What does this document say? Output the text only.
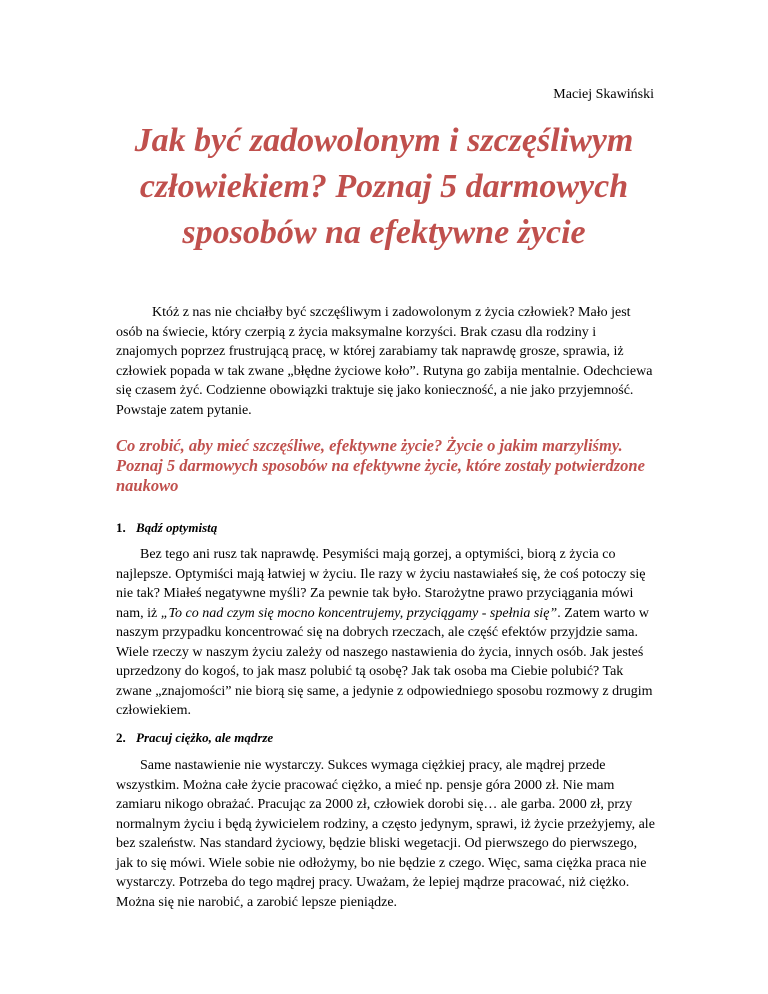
Maciej Skawiński
Jak być zadowolonym i szczęśliwym człowiekiem? Poznaj 5 darmowych sposobów na efektywne życie

Któż z nas nie chciałby być szczęśliwym i zadowolonym z życia człowiek? Mało jest osób na świecie, który czerpią z życia maksymalne korzyści. Brak czasu dla rodziny i znajomych poprzez frustrującą pracę, w której zarabiamy tak naprawdę grosze, sprawia, iż człowiek popada w tak zwane „błędne życiowe koło”. Rutyna go zabija mentalnie. Odechciewa się czasem żyć. Codzienne obowiązki traktuje się jako konieczność, a nie jako przyjemność. Powstaje zatem pytanie.

Co zrobić, aby mieć szczęśliwe, efektywne życie? Życie o jakim marzyliśmy. Poznaj 5 darmowych sposobów na efektywne życie, które zostały potwierdzone naukowo
1. Bądź optymistą

Bez tego ani rusz tak naprawdę. Pesymiści mają gorzej, a optymiści, biorą z życia co najlepsze. Optymiści mają łatwiej w życiu. Ile razy w życiu nastawiałeś się, że coś potoczy się nie tak? Miałeś negatywne myśli? Za pewnie tak było. Starożytne prawo przyciągania mówi nam, iż „To co nad czym się mocno koncentrujemy, przyciągamy - spełnia się”. Zatem warto w naszym przypadku koncentrować się na dobrych rzeczach, ale część efektów przyjdzie sama. Wiele rzeczy w naszym życiu zależy od naszego nastawienia do życia, innych osób. Jak jesteś uprzedzony do kogoś, to jak masz polubić tą osobę? Jak tak osoba ma Ciebie polubić? Tak zwane „znajomości” nie biorą się same, a jedynie z odpowiedniego sposobu rozmowy z drugim człowiekiem.

2. Pracuj ciężko, ale mądrze

Same nastawienie nie wystarczy. Sukces wymaga ciężkiej pracy, ale mądrej przede wszystkim. Można całe życie pracować ciężko, a mieć np. pensje góra 2000 zł. Nie mam zamiaru nikogo obrażać. Pracując za 2000 zł, człowiek dorobi się… ale garba. 2000 zł, przy normalnym życiu i będą żywicielem rodziny, a często jedynym, sprawi, iż życie przeżyjemy, ale bez szaleństw. Nas standard życiowy, będzie bliski wegetacji. Od pierwszego do pierwszego, jak to się mówi. Wiele sobie nie odłożymy, bo nie będzie z czego. Więc, sama ciężka praca nie wystarczy. Potrzeba do tego mądrej pracy. Uważam, że lepiej mądrze pracować, niż ciężko. Można się nie narobić, a zarobić lepsze pieniądze.
